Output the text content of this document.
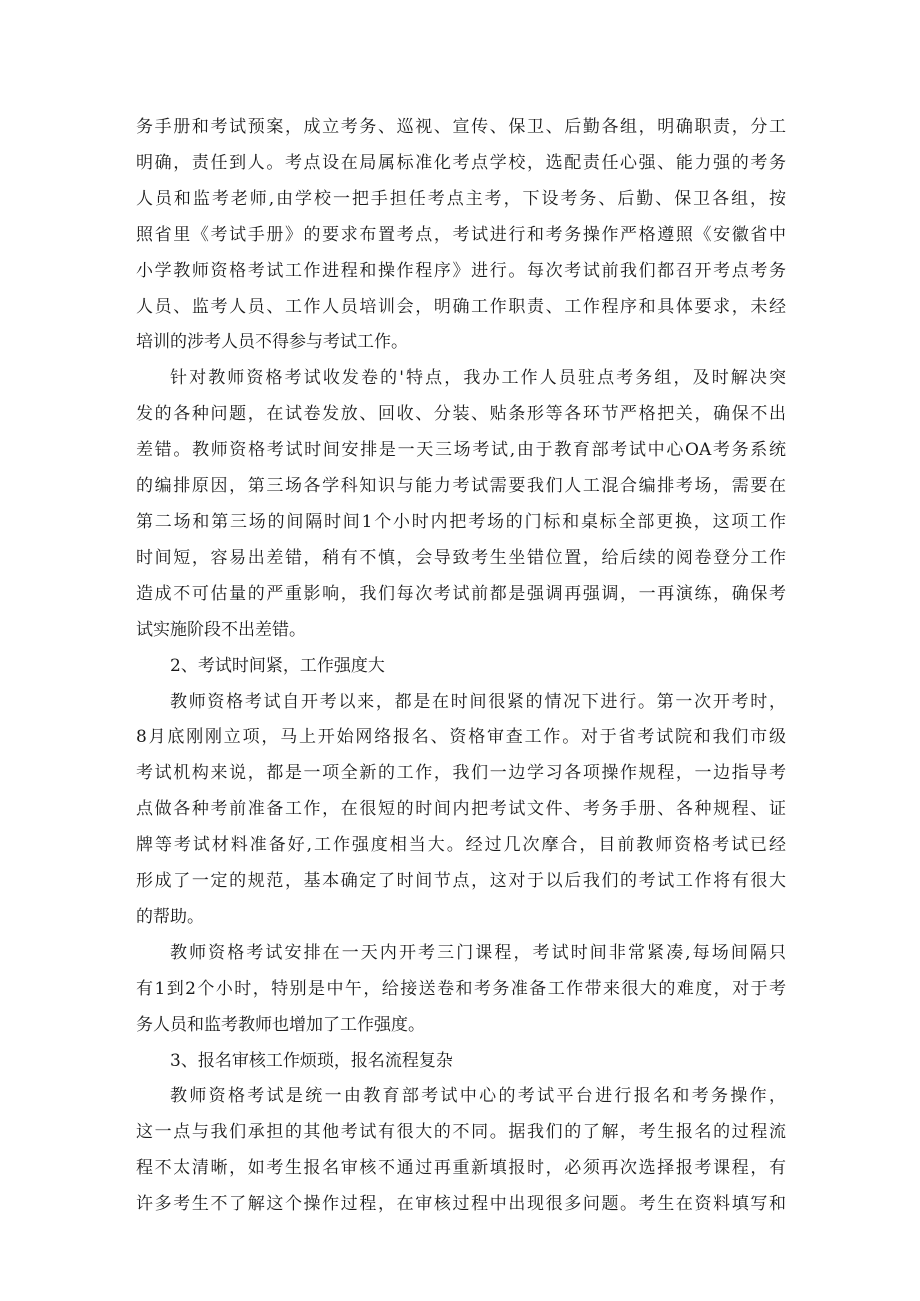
务手册和考试预案，成立考务、巡视、宣传、保卫、后勤各组，明确职责，分工
明确，责任到人。考点设在局属标准化考点学校，选配责任心强、能力强的考务
人员和监考老师,由学校一把手担任考点主考，下设考务、后勤、保卫各组，按
照省里《考试手册》的要求布置考点，考试进行和考务操作严格遵照《安徽省中
小学教师资格考试工作进程和操作程序》进行。每次考试前我们都召开考点考务
人员、监考人员、工作人员培训会，明确工作职责、工作程序和具体要求，未经
培训的涉考人员不得参与考试工作。
针对教师资格考试收发卷的'特点，我办工作人员驻点考务组，及时解决突
发的各种问题，在试卷发放、回收、分装、贴条形等各环节严格把关，确保不出
差错。教师资格考试时间安排是一天三场考试,由于教育部考试中心OA考务系统
的编排原因，第三场各学科知识与能力考试需要我们人工混合编排考场，需要在
第二场和第三场的间隔时间1个小时内把考场的门标和桌标全部更换，这项工作
时间短，容易出差错，稍有不慎，会导致考生坐错位置，给后续的阅卷登分工作
造成不可估量的严重影响，我们每次考试前都是强调再强调，一再演练，确保考
试实施阶段不出差错。
2、考试时间紧，工作强度大
教师资格考试自开考以来，都是在时间很紧的情况下进行。第一次开考时，
8月底刚刚立项，马上开始网络报名、资格审查工作。对于省考试院和我们市级
考试机构来说，都是一项全新的工作，我们一边学习各项操作规程，一边指导考
点做各种考前准备工作，在很短的时间内把考试文件、考务手册、各种规程、证
牌等考试材料准备好,工作强度相当大。经过几次摩合，目前教师资格考试已经
形成了一定的规范，基本确定了时间节点，这对于以后我们的考试工作将有很大
的帮助。
教师资格考试安排在一天内开考三门课程，考试时间非常紧凑,每场间隔只
有1到2个小时，特别是中午，给接送卷和考务准备工作带来很大的难度，对于考
务人员和监考教师也增加了工作强度。
3、报名审核工作烦琐，报名流程复杂
教师资格考试是统一由教育部考试中心的考试平台进行报名和考务操作，
这一点与我们承担的其他考试有很大的不同。据我们的了解，考生报名的过程流
程不太清晰，如考生报名审核不通过再重新填报时，必须再次选择报考课程，有
许多考生不了解这个操作过程，在审核过程中出现很多问题。考生在资料填写和
